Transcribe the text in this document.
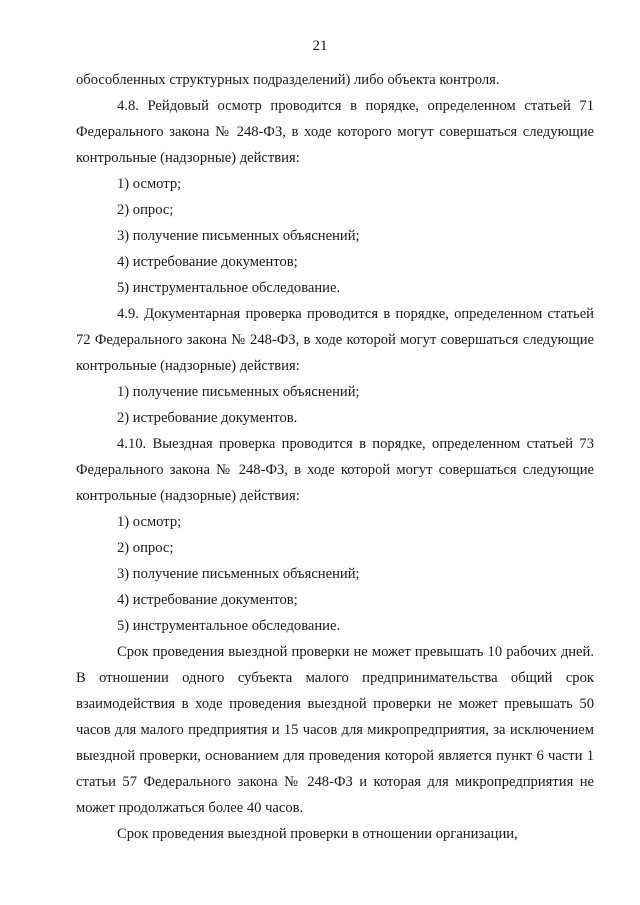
21

обособленных структурных подразделений) либо объекта контроля.

4.8. Рейдовый осмотр проводится в порядке, определенном статьей 71 Федерального закона № 248-ФЗ, в ходе которого могут совершаться следующие контрольные (надзорные) действия:

1) осмотр;

2) опрос;

3) получение письменных объяснений;

4) истребование документов;

5) инструментальное обследование.

4.9. Документарная проверка проводится в порядке, определенном статьей 72 Федерального закона № 248-ФЗ, в ходе которой могут совершаться следующие контрольные (надзорные) действия:

1) получение письменных объяснений;

2) истребование документов.

4.10. Выездная проверка проводится в порядке, определенном статьей 73 Федерального закона № 248-ФЗ, в ходе которой могут совершаться следующие контрольные (надзорные) действия:

1) осмотр;

2) опрос;

3) получение письменных объяснений;

4) истребование документов;

5) инструментальное обследование.

Срок проведения выездной проверки не может превышать 10 рабочих дней. В отношении одного субъекта малого предпринимательства общий срок взаимодействия в ходе проведения выездной проверки не может превышать 50 часов для малого предприятия и 15 часов для микропредприятия, за исключением выездной проверки, основанием для проведения которой является пункт 6 части 1 статьи 57 Федерального закона № 248-ФЗ и которая для микропредприятия не может продолжаться более 40 часов.

Срок проведения выездной проверки в отношении организации,
